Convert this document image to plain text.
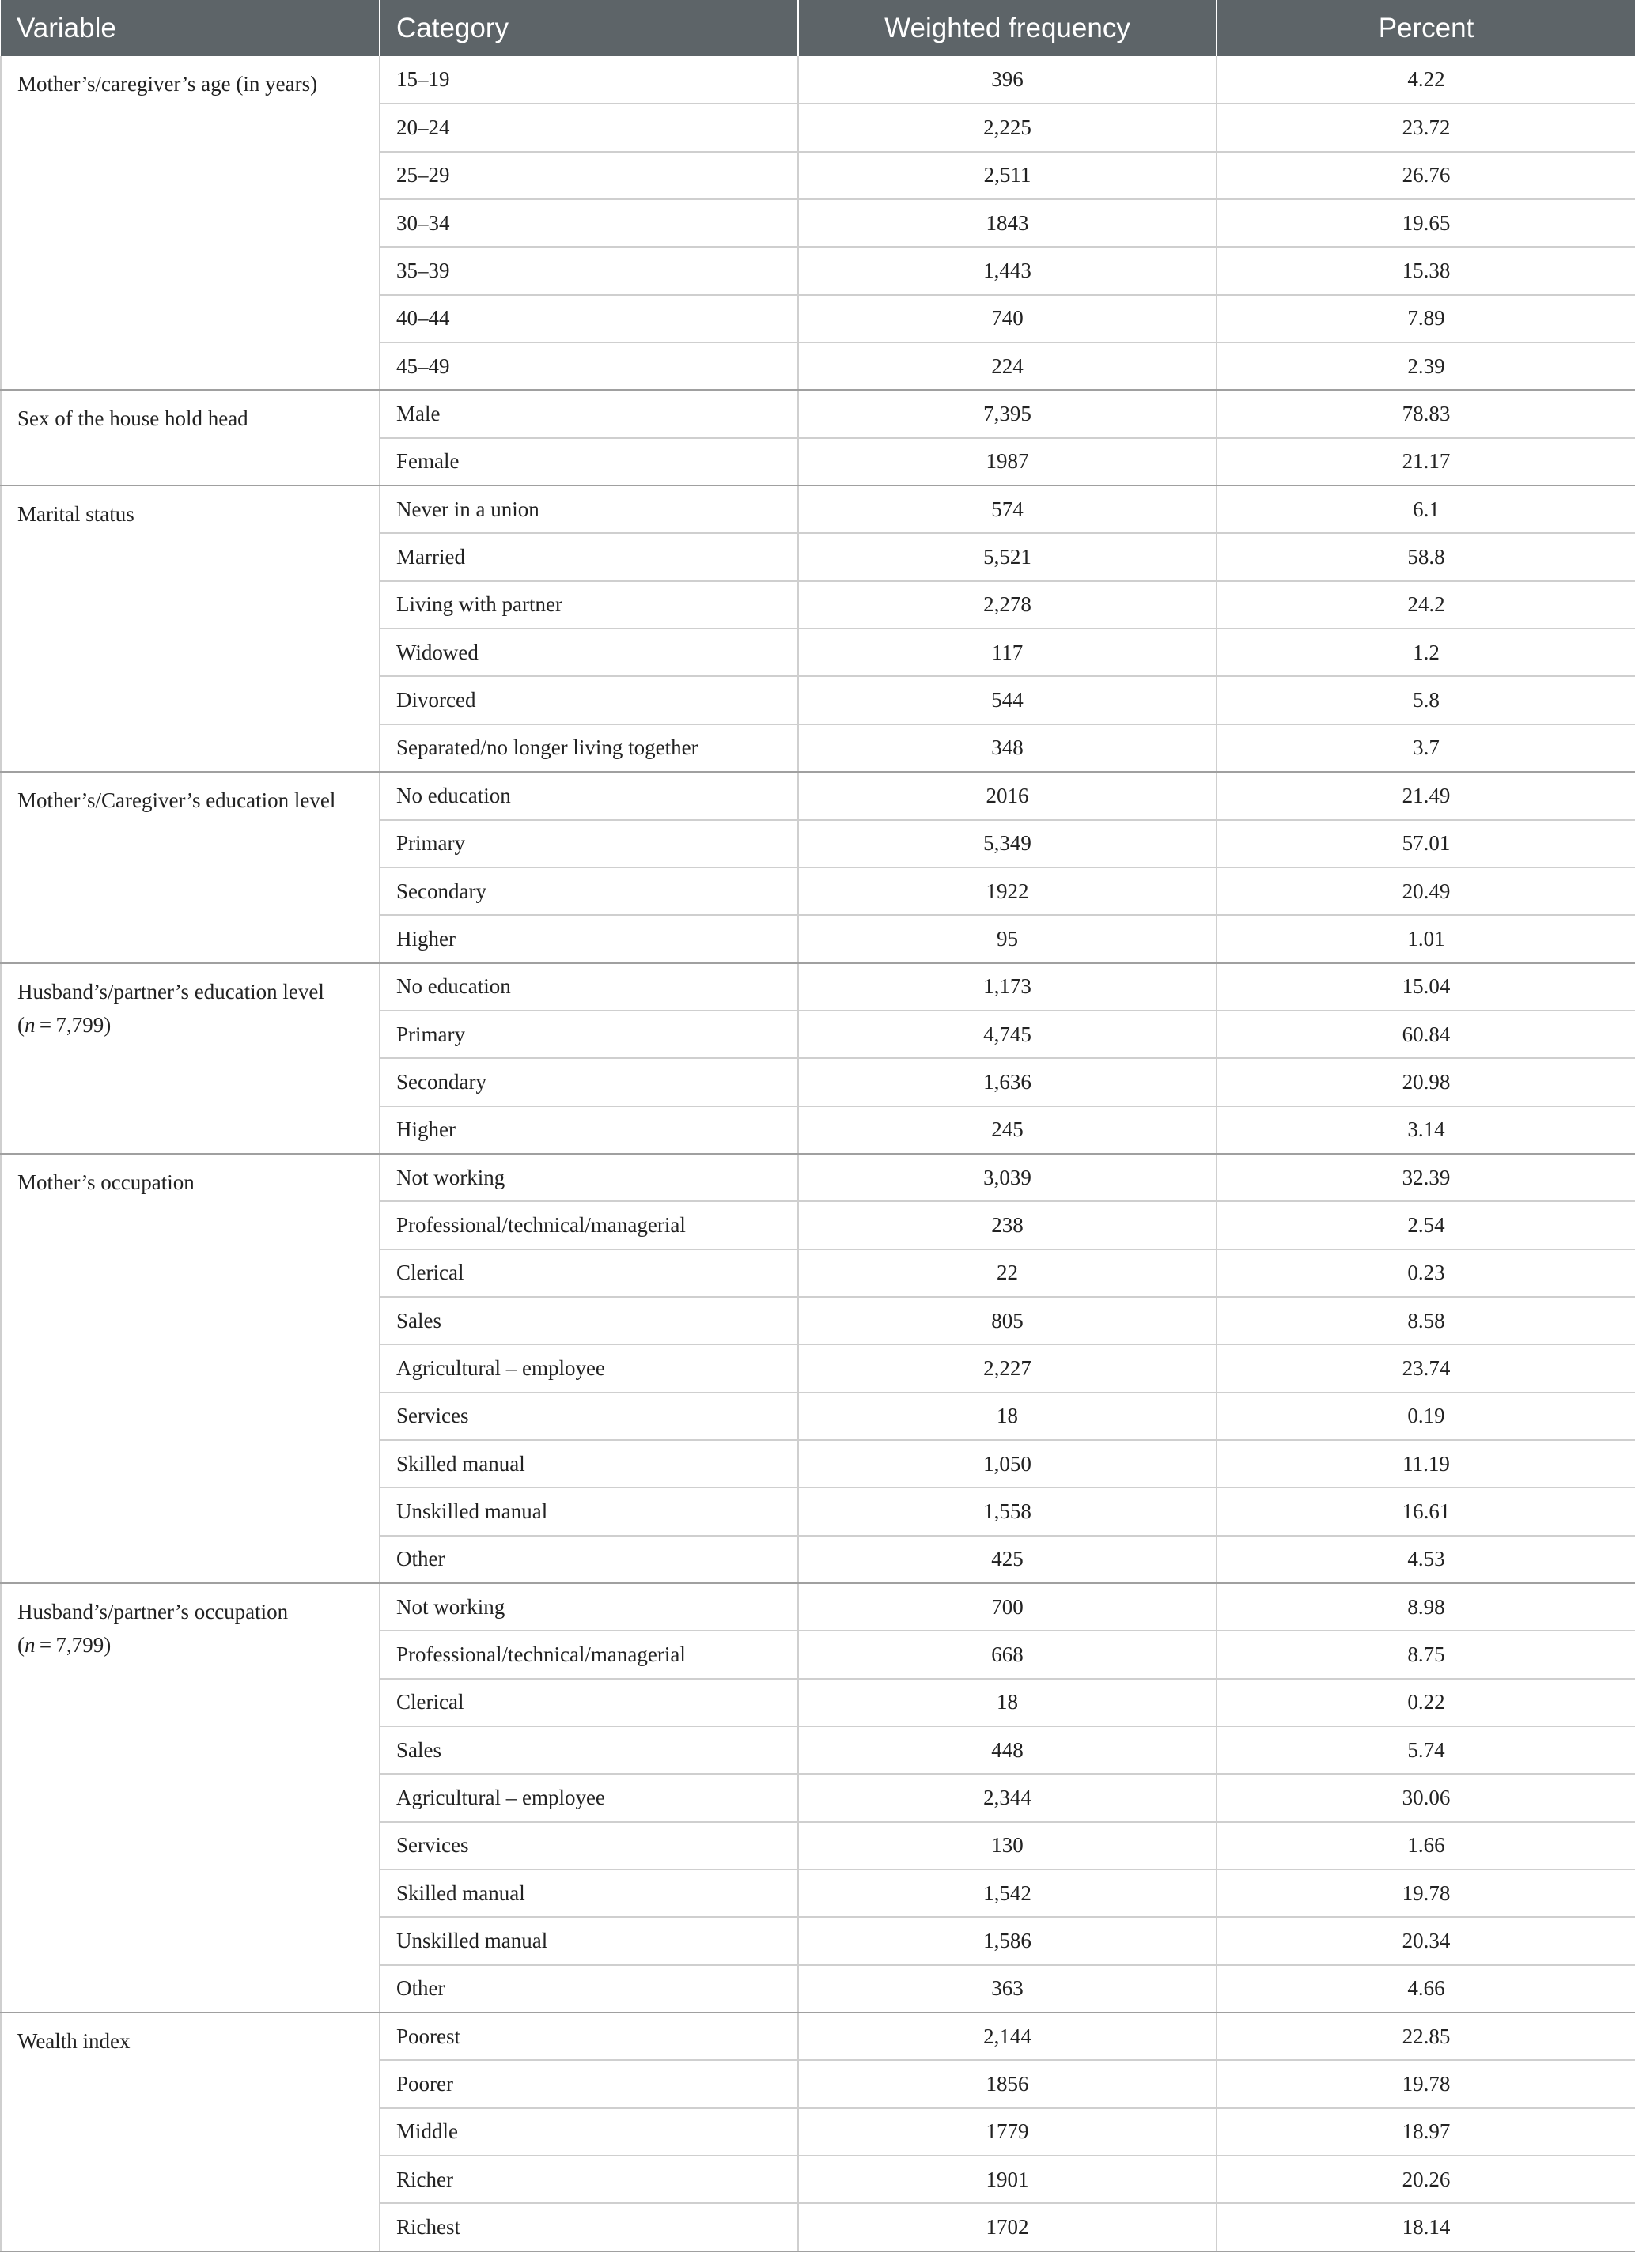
Variable	Category	Weighted frequency	Percent
Mother’s/caregiver’s age (in years)	15–19	396	4.22
	20–24	2,225	23.72
	25–29	2,511	26.76
	30–34	1843	19.65
	35–39	1,443	15.38
	40–44	740	7.89
	45–49	224	2.39
Sex of the house hold head	Male	7,395	78.83
	Female	1987	21.17
Marital status	Never in a union	574	6.1
	Married	5,521	58.8
	Living with partner	2,278	24.2
	Widowed	117	1.2
	Divorced	544	5.8
	Separated/no longer living together	348	3.7
Mother’s/Caregiver’s education level	No education	2016	21.49
	Primary	5,349	57.01
	Secondary	1922	20.49
	Higher	95	1.01
Husband’s/partner’s education level
(n = 7,799)	No education	1,173	15.04
	Primary	4,745	60.84
	Secondary	1,636	20.98
	Higher	245	3.14
Mother’s occupation	Not working	3,039	32.39
	Professional/technical/managerial	238	2.54
	Clerical	22	0.23
	Sales	805	8.58
	Agricultural – employee	2,227	23.74
	Services	18	0.19
	Skilled manual	1,050	11.19
	Unskilled manual	1,558	16.61
	Other	425	4.53
Husband’s/partner’s occupation
(n = 7,799)	Not working	700	8.98
	Professional/technical/managerial	668	8.75
	Clerical	18	0.22
	Sales	448	5.74
	Agricultural – employee	2,344	30.06
	Services	130	1.66
	Skilled manual	1,542	19.78
	Unskilled manual	1,586	20.34
	Other	363	4.66
Wealth index	Poorest	2,144	22.85
	Poorer	1856	19.78
	Middle	1779	18.97
	Richer	1901	20.26
	Richest	1702	18.14
